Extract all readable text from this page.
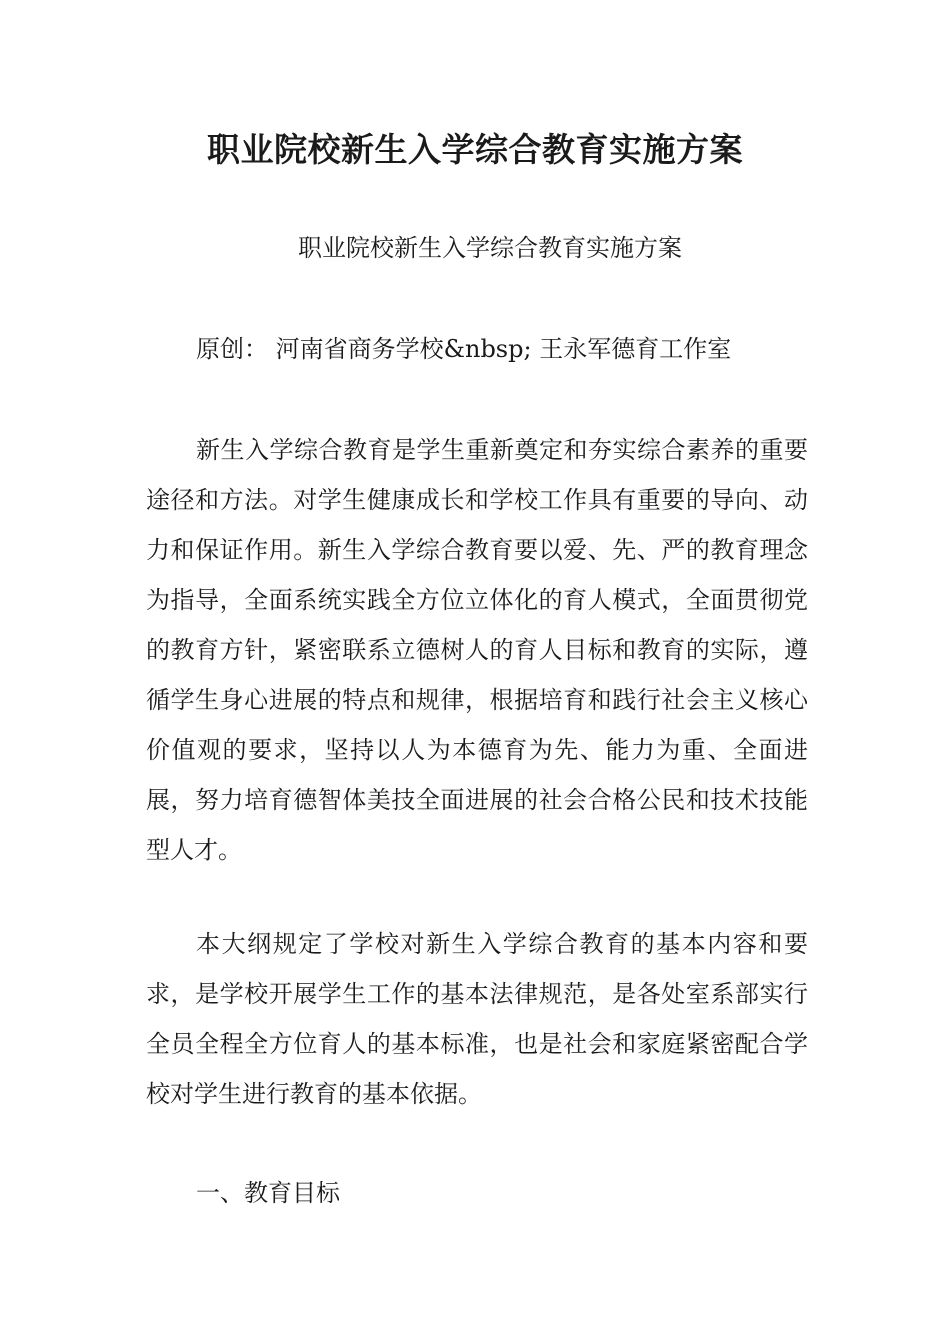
职业院校新生入学综合教育实施方案

职业院校新生入学综合教育实施方案

原创： 河南省商务学校&nbsp; 王永军德育工作室

新生入学综合教育是学生重新奠定和夯实综合素养的重要途径和方法。对学生健康成长和学校工作具有重要的导向、动力和保证作用。新生入学综合教育要以爱、先、严的教育理念为指导，全面系统实践全方位立体化的育人模式，全面贯彻党的教育方针，紧密联系立德树人的育人目标和教育的实际，遵循学生身心进展的特点和规律，根据培育和践行社会主义核心价值观的要求，坚持以人为本德育为先、能力为重、全面进展，努力培育德智体美技全面进展的社会合格公民和技术技能型人才。

本大纲规定了学校对新生入学综合教育的基本内容和要求，是学校开展学生工作的基本法律规范，是各处室系部实行全员全程全方位育人的基本标准，也是社会和家庭紧密配合学校对学生进行教育的基本依据。

一、教育目标
